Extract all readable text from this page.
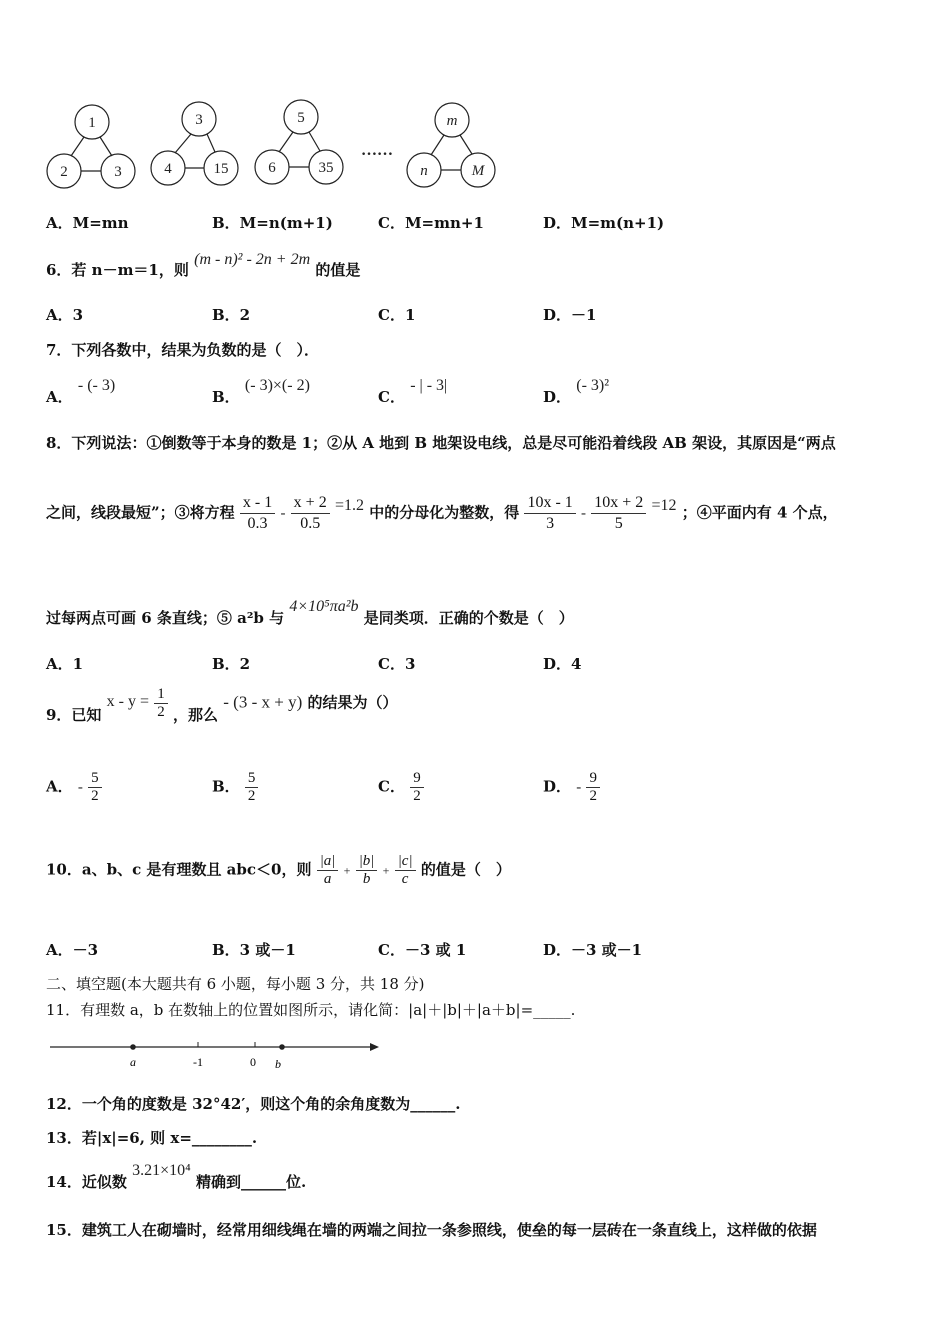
1
2	3
3
4	15
5
6	35
m
n	M
……
A．M=mn	B．M=n(m+1)	C．M=mn+1	D．M=m(n+1)
6．若 n－m＝1，则 (m - n)² - 2n + 2m 的值是
A．3	B．2	C．1	D．－1
7．下列各数中，结果为负数的是（　）．
A． - (- 3)
B． (- 3)×(- 2)
C． - | - 3|
D． (- 3)²
8．下列说法：①倒数等于本身的数是 1；②从 A 地到 B 地架设电线，总是尽可能沿着线段 AB 架设，其原因是“两点
之间，线段最短”；③将方程 $\frac{x - 1}{0.3} - \frac{x + 2}{0.5} =1.2$ 中的分母化为整数，得 $\frac{10x - 1}{3} - \frac{10x + 2}{5} =12$ ；④平面内有 4 个点，
过每两点可画 6 条直线；⑤ a²b 与 4×10⁵πa²b 是同类项．正确的个数是（　）
A．1	B．2	C．3	D．4
9．已知 $x - y = \frac{1}{2}$ ，那么 - (3 - x + y) 的结果为（）
A． - $\frac{5}{2}$	B． $\frac{5}{2}$	C． $\frac{9}{2}$	D． - $\frac{9}{2}$
10．a、b、c 是有理数且 abc＜0，则 $\frac{|a|}{a} + \frac{|b|}{b} + \frac{|c|}{c}$ 的值是（　）
A．－3	B．3 或－1	C．－3 或 1	D．－3 或－1
二、填空题(本大题共有 6 小题，每小题 3 分，共 18 分)
11．有理数 a，b 在数轴上的位置如图所示，请化简：|a|＋|b|＋|a＋b|=_____.
a	-1	0 b
12．一个角的度数是 32°42′，则这个角的余角度数为______.
13．若|x|=6, 则 x=________.
14．近似数 3.21×10⁴ 精确到______位.
15．建筑工人在砌墙时，经常用细线绳在墙的两端之间拉一条参照线，使垒的每一层砖在一条直线上，这样做的依据
